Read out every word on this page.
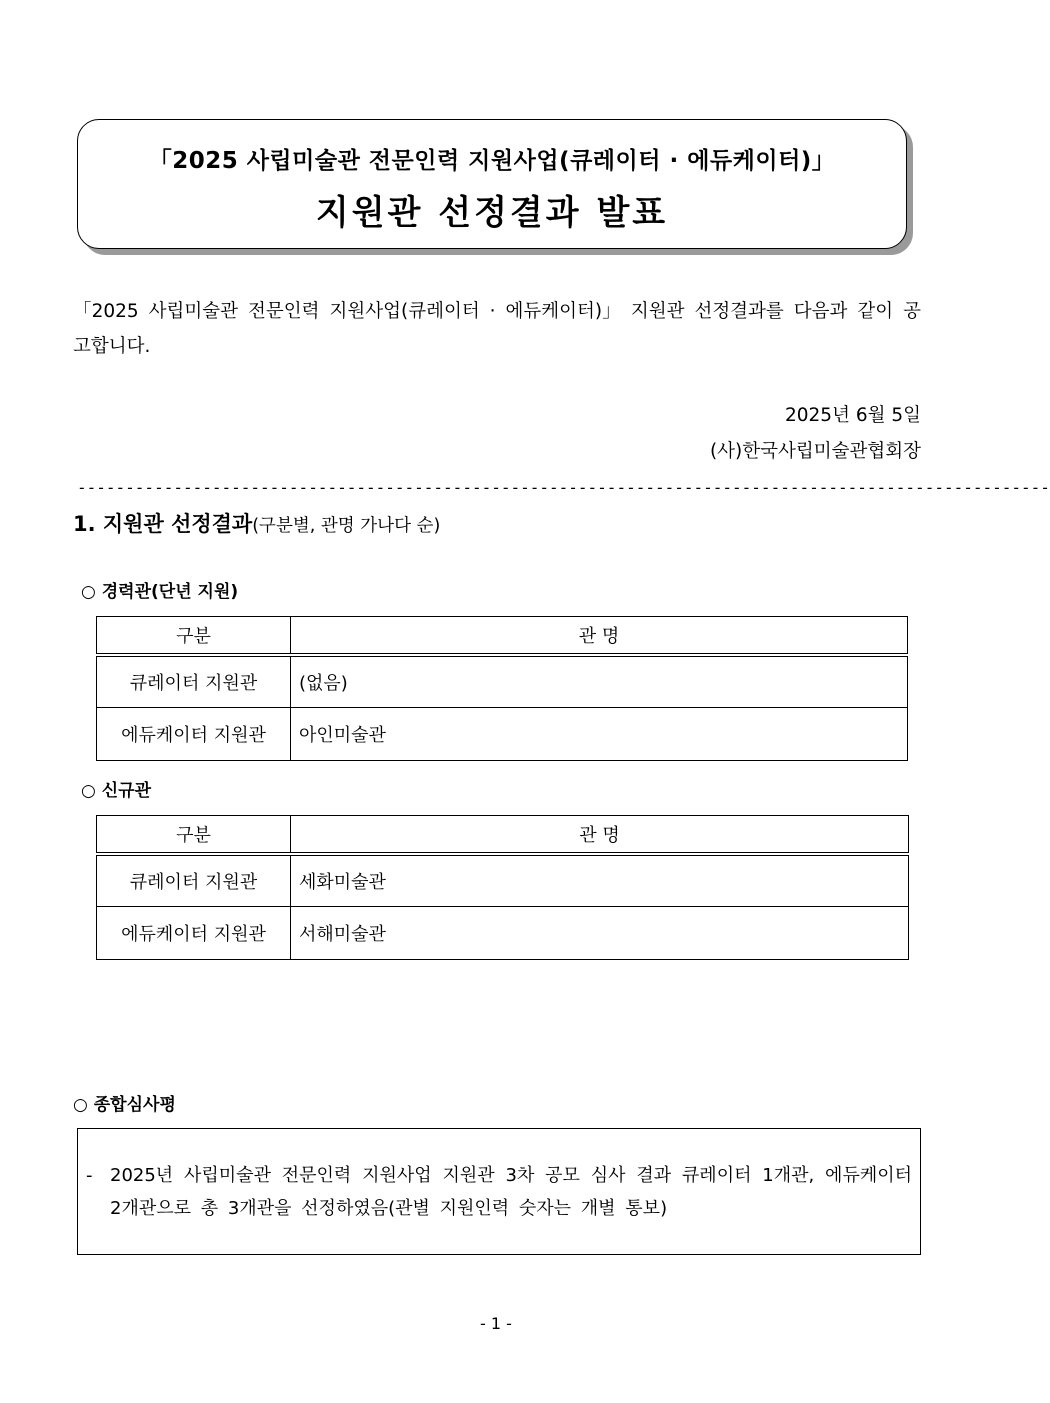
「2025 사립미술관 전문인력 지원사업(큐레이터 · 에듀케이터)」
지원관 선정결과 발표
「2025 사립미술관 전문인력 지원사업(큐레이터 · 에듀케이터)」 지원관 선정결과를 다음과 같이 공고합니다.
2025년 6월 5일
(사)한국사립미술관협회장
-----------------------------------------------------------------------------------------------------
1. 지원관 선정결과(구분별, 관명 가나다 순)
○ 경력관(단년 지원)
구분	관 명
큐레이터 지원관	(없음)
에듀케이터 지원관	아인미술관
○ 신규관
구분	관 명
큐레이터 지원관	세화미술관
에듀케이터 지원관	서해미술관
○ 종합심사평
- 2025년 사립미술관 전문인력 지원사업 지원관 3차 공모 심사 결과 큐레이터 1개관, 에듀케이터 2개관으로 총 3개관을 선정하였음(관별 지원인력 숫자는 개별 통보)
- 1 -
